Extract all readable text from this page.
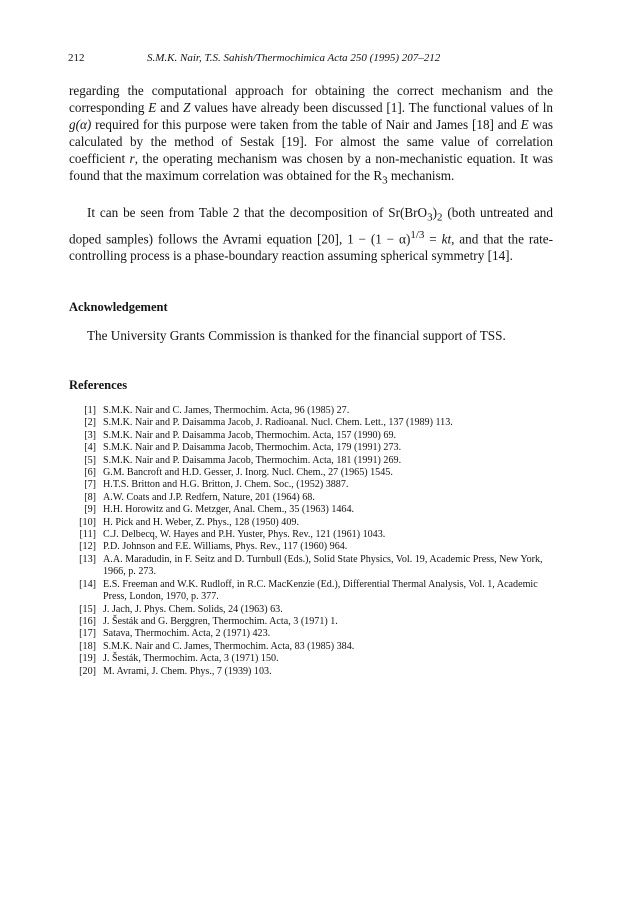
212	S.M.K. Nair, T.S. Sahish/Thermochimica Acta 250 (1995) 207–212

regarding the computational approach for obtaining the correct mechanism and the corresponding E and Z values have already been discussed [1]. The functional values of ln g(α) required for this purpose were taken from the table of Nair and James [18] and E was calculated by the method of Sestak [19]. For almost the same value of correlation coefficient r, the operating mechanism was chosen by a non-mechanistic equation. It was found that the maximum correlation was obtained for the $R_3$ mechanism.

It can be seen from Table 2 that the decomposition of $Sr(BrO_3)_2$ (both untreated and doped samples) follows the Avrami equation [20], $1 - (1 - \alpha)^{1/3}$ = kt, and that the rate-controlling process is a phase-boundary reaction assuming spherical symmetry [14].

Acknowledgement

The University Grants Commission is thanked for the financial support of TSS.

References
[1] S.M.K. Nair and C. James, Thermochim. Acta, 96 (1985) 27.
[2] S.M.K. Nair and P. Daisamma Jacob, J. Radioanal. Nucl. Chem. Lett., 137 (1989) 113.
[3] S.M.K. Nair and P. Daisamma Jacob, Thermochim. Acta, 157 (1990) 69.
[4] S.M.K. Nair and P. Daisamma Jacob, Thermochim. Acta, 179 (1991) 273.
[5] S.M.K. Nair and P. Daisamma Jacob, Thermochim. Acta, 181 (1991) 269.
[6] G.M. Bancroft and H.D. Gesser, J. Inorg. Nucl. Chem., 27 (1965) 1545.
[7] H.T.S. Britton and H.G. Britton, J. Chem. Soc., (1952) 3887.
[8] A.W. Coats and J.P. Redfern, Nature, 201 (1964) 68.
[9] H.H. Horowitz and G. Metzger, Anal. Chem., 35 (1963) 1464.
[10] H. Pick and H. Weber, Z. Phys., 128 (1950) 409.
[11] C.J. Delbecq, W. Hayes and P.H. Yuster, Phys. Rev., 121 (1961) 1043.
[12] P.D. Johnson and F.E. Williams, Phys. Rev., 117 (1960) 964.
[13] A.A. Maradudin, in F. Seitz and D. Turnbull (Eds.), Solid State Physics, Vol. 19, Academic Press, New York, 1966, p. 273.
[14] E.S. Freeman and W.K. Rudloff, in R.C. MacKenzie (Ed.), Differential Thermal Analysis, Vol. 1, Academic Press, London, 1970, p. 377.
[15] J. Jach, J. Phys. Chem. Solids, 24 (1963) 63.
[16] J. Šesták and G. Berggren, Thermochim. Acta, 3 (1971) 1.
[17] Satava, Thermochim. Acta, 2 (1971) 423.
[18] S.M.K. Nair and C. James, Thermochim. Acta, 83 (1985) 384.
[19] J. Šesták, Thermochim. Acta, 3 (1971) 150.
[20] M. Avrami, J. Chem. Phys., 7 (1939) 103.
